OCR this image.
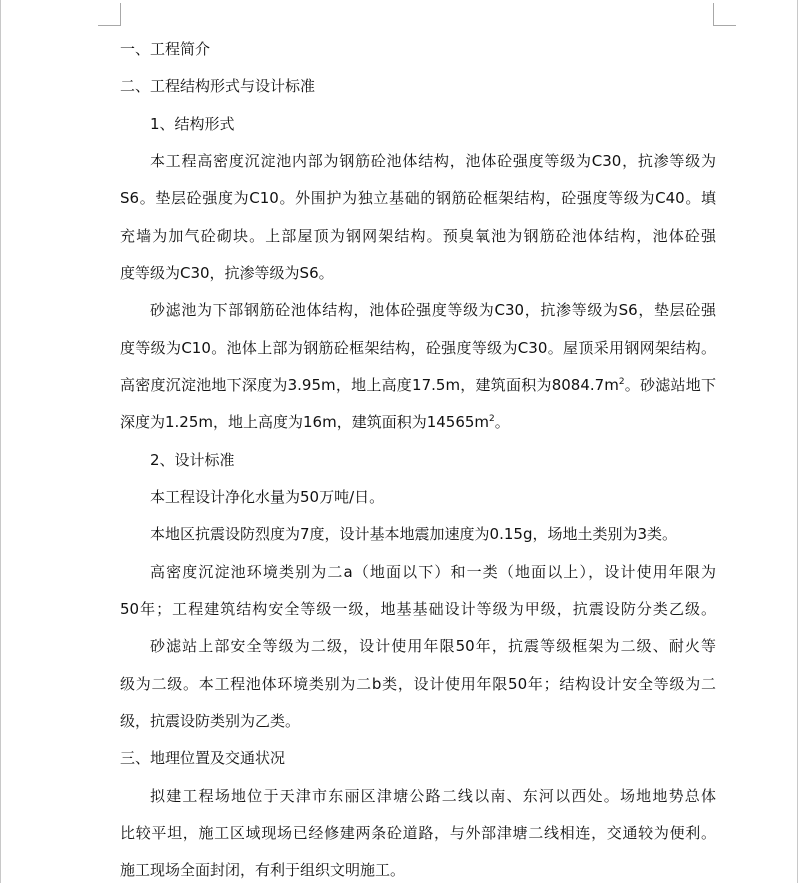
一、工程简介
二、工程结构形式与设计标准
1、结构形式
本工程高密度沉淀池内部为钢筋砼池体结构，池体砼强度等级为C30，抗渗等级为
S6。垫层砼强度为C10。外围护为独立基础的钢筋砼框架结构，砼强度等级为C40。填
充墙为加气砼砌块。上部屋顶为钢网架结构。预臭氧池为钢筋砼池体结构，池体砼强
度等级为C30，抗渗等级为S6。
砂滤池为下部钢筋砼池体结构，池体砼强度等级为C30，抗渗等级为S6，垫层砼强
度等级为C10。池体上部为钢筋砼框架结构，砼强度等级为C30。屋顶采用钢网架结构。
高密度沉淀池地下深度为3.95m，地上高度17.5m，建筑面积为$8084.7m^2$。砂滤站地下
深度为1.25m，地上高度为16m，建筑面积为$14565m^2$。
2、设计标准
本工程设计净化水量为50万吨/日。
本地区抗震设防烈度为7度，设计基本地震加速度为0.15g，场地土类别为3类。
高密度沉淀池环境类别为二a（地面以下）和一类（地面以上），设计使用年限为
50年；工程建筑结构安全等级一级，地基基础设计等级为甲级，抗震设防分类乙级。
砂滤站上部安全等级为二级，设计使用年限50年，抗震等级框架为二级、耐火等
级为二级。本工程池体环境类别为二b类，设计使用年限50年；结构设计安全等级为二
级，抗震设防类别为乙类。
三、地理位置及交通状况
拟建工程场地位于天津市东丽区津塘公路二线以南、东河以西处。场地地势总体
比较平坦，施工区域现场已经修建两条砼道路，与外部津塘二线相连，交通较为便利。
施工现场全面封闭，有利于组织文明施工。
